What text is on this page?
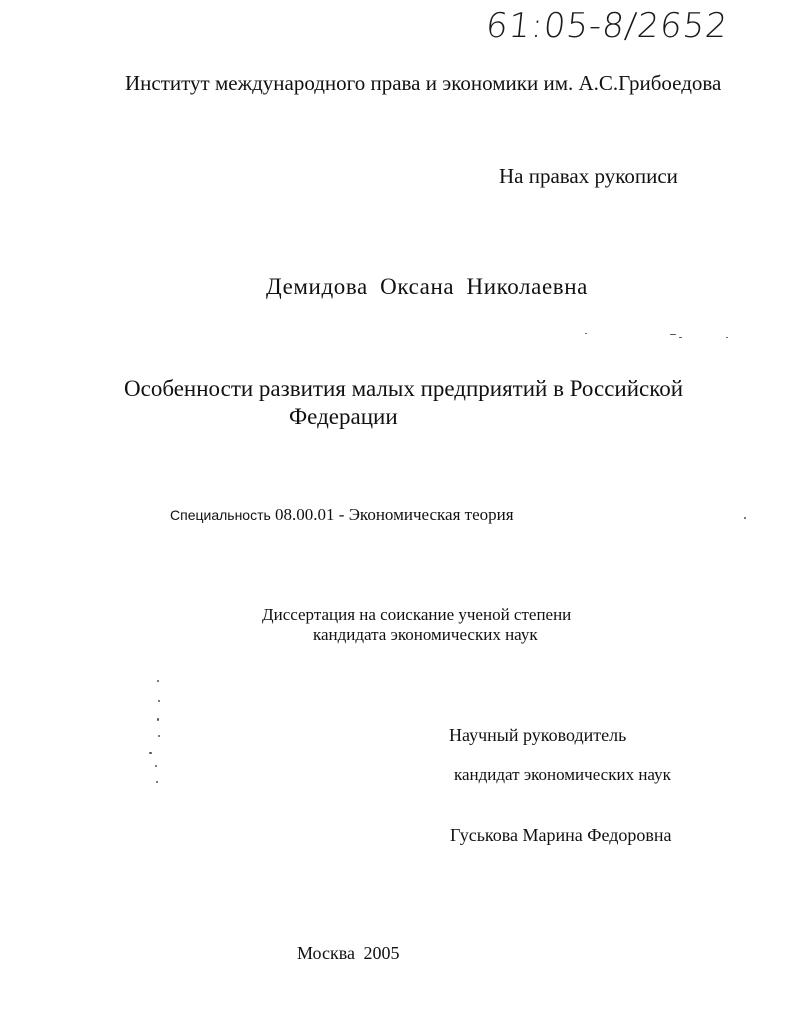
61:05-8/2652
Институт международного права и экономики им. А.С.Грибоедова
На правах рукописи
Демидова Оксана Николаевна
Особенности развития малых предприятий в Российской
Федерации
Специальность 08.00.01 - Экономическая теория
Диссертация на соискание ученой степени
кандидата экономических наук
Научный руководитель
кандидат экономических наук
Гуськова Марина Федоровна
Москва 2005
